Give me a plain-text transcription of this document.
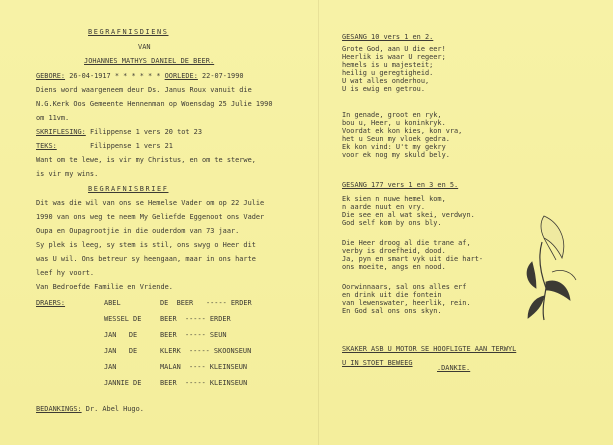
BEGRAFNISDIENS
VAN
JOHANNES MATHYS DANIEL DE BEER.
GEBORE: 26-04-1917 * * * * * * OORLEDE: 22-07-1990
Diens word waargeneem deur Ds. Janus Roux vanuit die
N.G.Kerk Oos Gemeente Hennenman op Woensdag 25 Julie 1990
om 11vm.
SKRIFLESING: Filippense 1 vers 20 tot 23
TEKS:	Filippense 1 vers 21
Want om te lewe, is vir my Christus, en om te sterwe,
is vir my wins.
BEGRAFNISBRIEF
Dit was die wil van ons se Hemelse Vader om op 22 Julie
1990 van ons weg te neem My Geliefde Eggenoot ons Vader
Oupa en Oupagrootjie in die ouderdom van 73 jaar.
Sy plek is leeg, sy stem is stil, ons swyg o Heer dit
was U wil. Ons betreur sy heengaan, maar in ons harte
leef hy voort.
Van Bedroefde Familie en Vriende.
DRAERS:	ABEL	DE  BEER ----- ERDER
WESSEL DE	BEER ----- ERDER
JAN   DE	BEER ----- SEUN
JAN   DE	KLERK ----- SKOONSEUN
JAN	MALAN ---- KLEINSEUN
JANNIE DE	BEER ----- KLEINSEUN
BEDANKINGS: Dr. Abel Hugo.
GESANG 10 vers 1 en 2.
Grote God, aan U die eer!
Heerlik is waar U regeer;
hemels is u majesteit;
heilig u geregtigheid.
U wat alles onderhou,
U is ewig en getrou.
In genade, groot en ryk,
bou u, Heer, u koninkryk.
Voordat ek kon kies, kon vra,
het u Seun my vloek gedra.
Ek kon vind: U't my gekry
voor ek nog my skuld bely.
GESANG 177 vers 1 en 3 en 5.
Ek sien n nuwe hemel kom,
n aarde nuut en vry.
Die see en al wat skei, verdwyn.
God self kom by ons bly.
Die Heer droog al die trane af,
verby is droefheid, dood.
Ja, pyn en smart vyk uit die hart-
ons moeite, angs en nood.
Oorwinnaars, sal ons alles erf
en drink uit die fontein
van lewenswater, heerlik, rein.
En God sal ons ons skyn.
SKAKER ASB U MOTOR SE HOOFLIGTE AAN TERWYL
U IN STOET BEWEEG
.DANKIE.
